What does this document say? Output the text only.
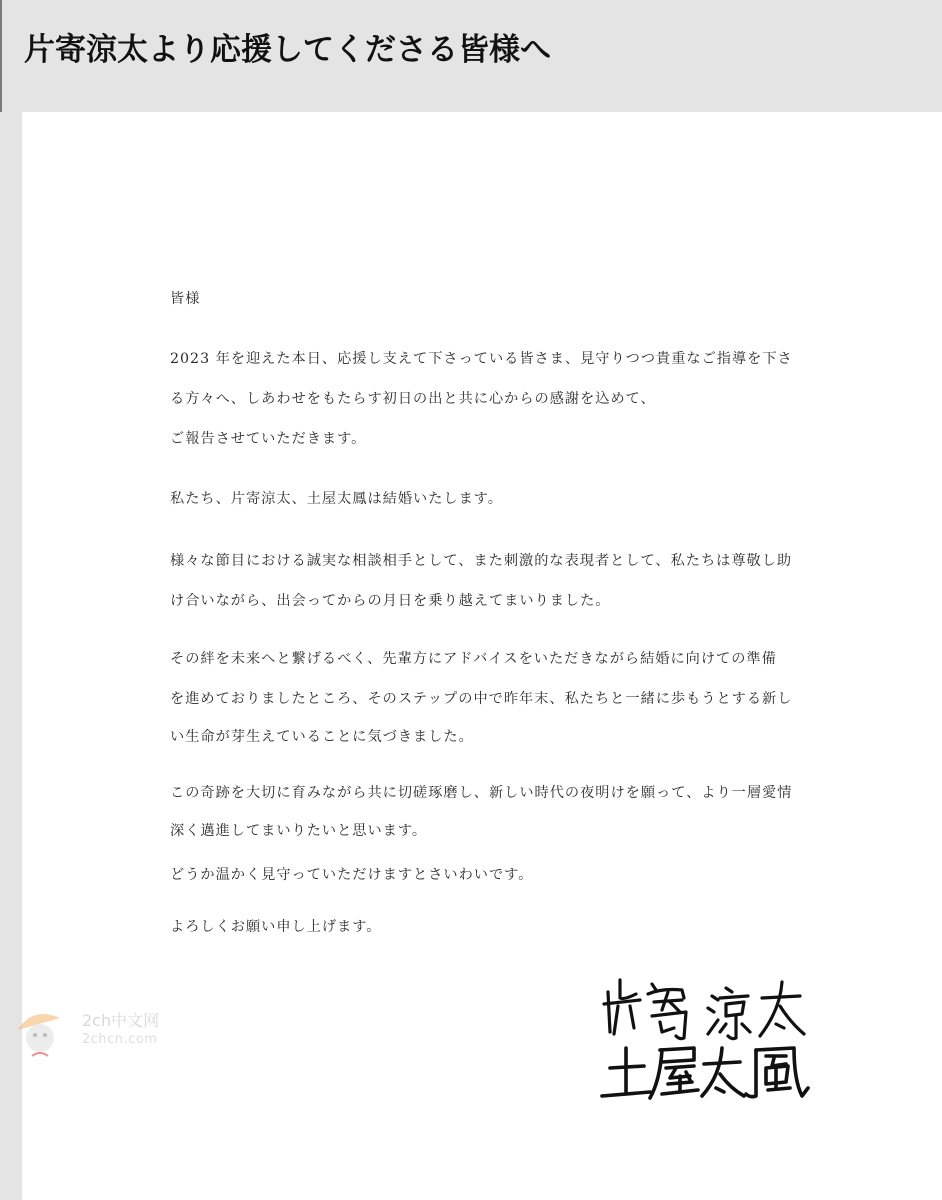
片寄涼太より応援してくださる皆様へ

皆様

2023 年を迎えた本日、応援し支えて下さっている皆さま、見守りつつ貴重なご指導を下さ

る方々へ、しあわせをもたらす初日の出と共に心からの感謝を込めて、

ご報告させていただきます。

私たち、片寄涼太、土屋太鳳は結婚いたします。

様々な節目における誠実な相談相手として、また刺激的な表現者として、私たちは尊敬し助

け合いながら、出会ってからの月日を乗り越えてまいりました。

その絆を未来へと繋げるべく、先輩方にアドバイスをいただきながら結婚に向けての準備

を進めておりましたところ、そのステップの中で昨年末、私たちと一緒に歩もうとする新し

い生命が芽生えていることに気づきました。

この奇跡を大切に育みながら共に切磋琢磨し、新しい時代の夜明けを願って、より一層愛情

深く邁進してまいりたいと思います。

どうか温かく見守っていただけますとさいわいです。

よろしくお願い申し上げます。

2ch中文网
2chcn.com
